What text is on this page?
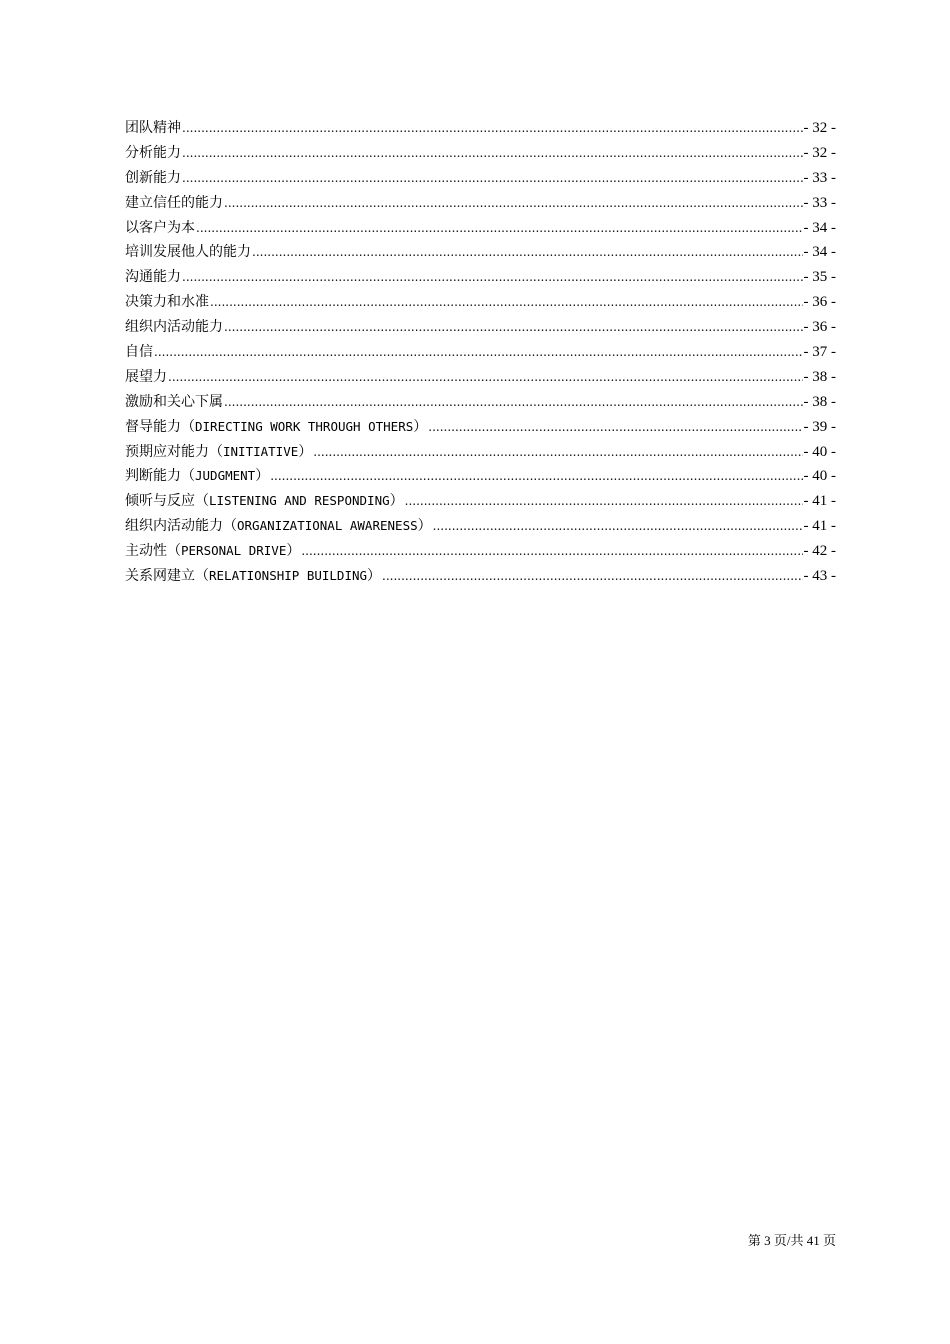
团队精神 .....	- 32 -
分析能力 .....	- 32 -
创新能力 .....	- 33 -
建立信任的能力 .....	- 33 -
以客户为本 .....	- 34 -
培训发展他人的能力 .....	- 34 -
沟通能力 .....	- 35 -
决策力和水准 .....	- 36 -
组织内活动能力 .....	- 36 -
自信 .....	- 37 -
展望力 .....	- 38 -
激励和关心下属 .....	- 38 -
督导能力（DIRECTING WORK THROUGH OTHERS） .....	- 39 -
预期应对能力（INITIATIVE） .....	- 40 -
判断能力（JUDGMENT） .....	- 40 -
倾听与反应（LISTENING AND RESPONDING） .....	- 41 -
组织内活动能力（ORGANIZATIONAL AWARENESS） .....	- 41 -
主动性（PERSONAL DRIVE） .....	- 42 -
关系网建立（RELATIONSHIP BUILDING） .....	- 43 -
第 3 页/共 41 页
